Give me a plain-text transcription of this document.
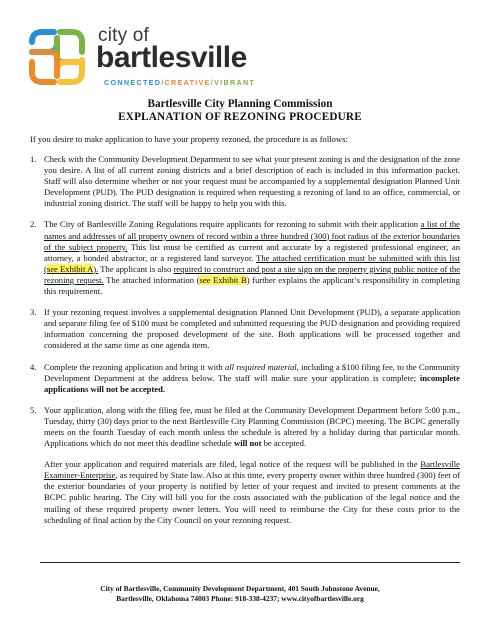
city of
bartlesville
CONNECTED/CREATIVE/VIBRANT
Bartlesville City Planning Commission
EXPLANATION OF REZONING PROCEDURE
If you desire to make application to have your property rezoned, the procedure is as follows:
1. Check with the Community Development Department to see what your present zoning is and the designation of the zone you desire. A list of all current zoning districts and a brief description of each is included in this information packet. Staff will also determine whether or not your request must be accompanied by a supplemental designation Planned Unit Development (PUD). The PUD designation is required when requesting a rezoning of land to an office, commercial, or industrial zoning district. The staff will be happy to help you with this.
2. The City of Bartlesville Zoning Regulations require applicants for rezoning to submit with their application a list of the names and addresses of all property owners of record within a three hundred (300) foot radius of the exterior boundaries of the subject property. This list must be certified as current and accurate by a registered professional engineer, an attorney, a bonded abstractor, or a registered land surveyor. The attached certification must be submitted with this list (see Exhibit A). The applicant is also required to construct and post a site sign on the property giving public notice of the rezoning request. The attached information (see Exhibit B) further explains the applicant’s responsibility in completing this requirement.
3. If your rezoning request involves a supplemental designation Planned Unit Development (PUD), a separate application and separate filing fee of $100 must be completed and submitted requesting the PUD designation and providing required information concerning the proposed development of the site. Both applications will be processed together and considered at the same time as one agenda item.
4. Complete the rezoning application and bring it with all required material, including a $100 filing fee, to the Community Development Department at the address below. The staff will make sure your application is complete; incomplete applications will not be accepted.
5. Your application, along with the filing fee, must be filed at the Community Development Department before 5:00 p.m., Tuesday, thirty (30) days prior to the next Bartlesville City Planning Commission (BCPC) meeting. The BCPC generally meets on the fourth Tuesday of each month unless the schedule is altered by a holiday during that particular month. Applications which do not meet this deadline schedule will not be accepted.
After your application and required materials are filed, legal notice of the request will be published in the Bartlesville Examiner-Enterprise, as required by State law. Also at this time, every property owner within three hundred (300) feet of the exterior boundaries of your property is notified by letter of your request and invited to present comments at the BCPC public hearing. The City will bill you for the costs associated with the publication of the legal notice and the mailing of these required property owner letters. You will need to reimburse the City for these costs prior to the scheduling of final action by the City Council on your rezoning request.
City of Bartlesville, Community Development Department, 401 South Johnstone Avenue,
Bartlesville, Oklahoma 74003 Phone: 918-338-4237; www.cityofbartlesville.org
